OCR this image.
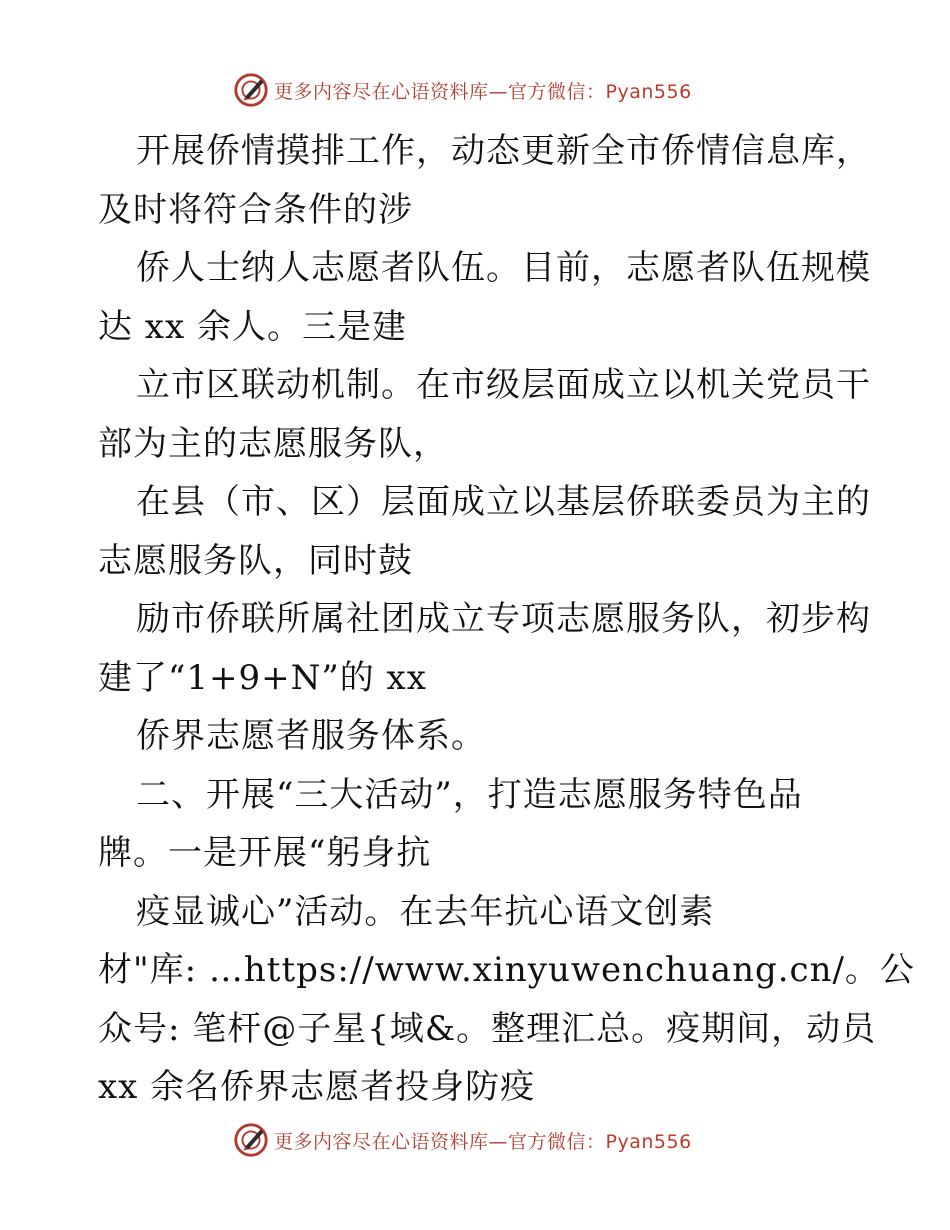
更多内容尽在心语资料库—官方微信：Pyan556
开展侨情摸排工作，动态更新全市侨情信息库，
及时将符合条件的涉
侨人士纳人志愿者队伍。目前，志愿者队伍规模
达 xx 余人。三是建
立市区联动机制。在市级层面成立以机关党员干
部为主的志愿服务队，
在县（市、区）层面成立以基层侨联委员为主的
志愿服务队，同时鼓
励市侨联所属社团成立专项志愿服务队，初步构
建了“1+9+N”的 xx
侨界志愿者服务体系。
二、开展“三大活动”，打造志愿服务特色品
牌。一是开展“躬身抗
疫显诚心”活动。在去年抗心语文创素
材"库: …https://www.xinyuwenchuang.cn/。公
众号: 笔杆@子星{域&。整理汇总。疫期间，动员
xx 余名侨界志愿者投身防疫
更多内容尽在心语资料库—官方微信：Pyan556
